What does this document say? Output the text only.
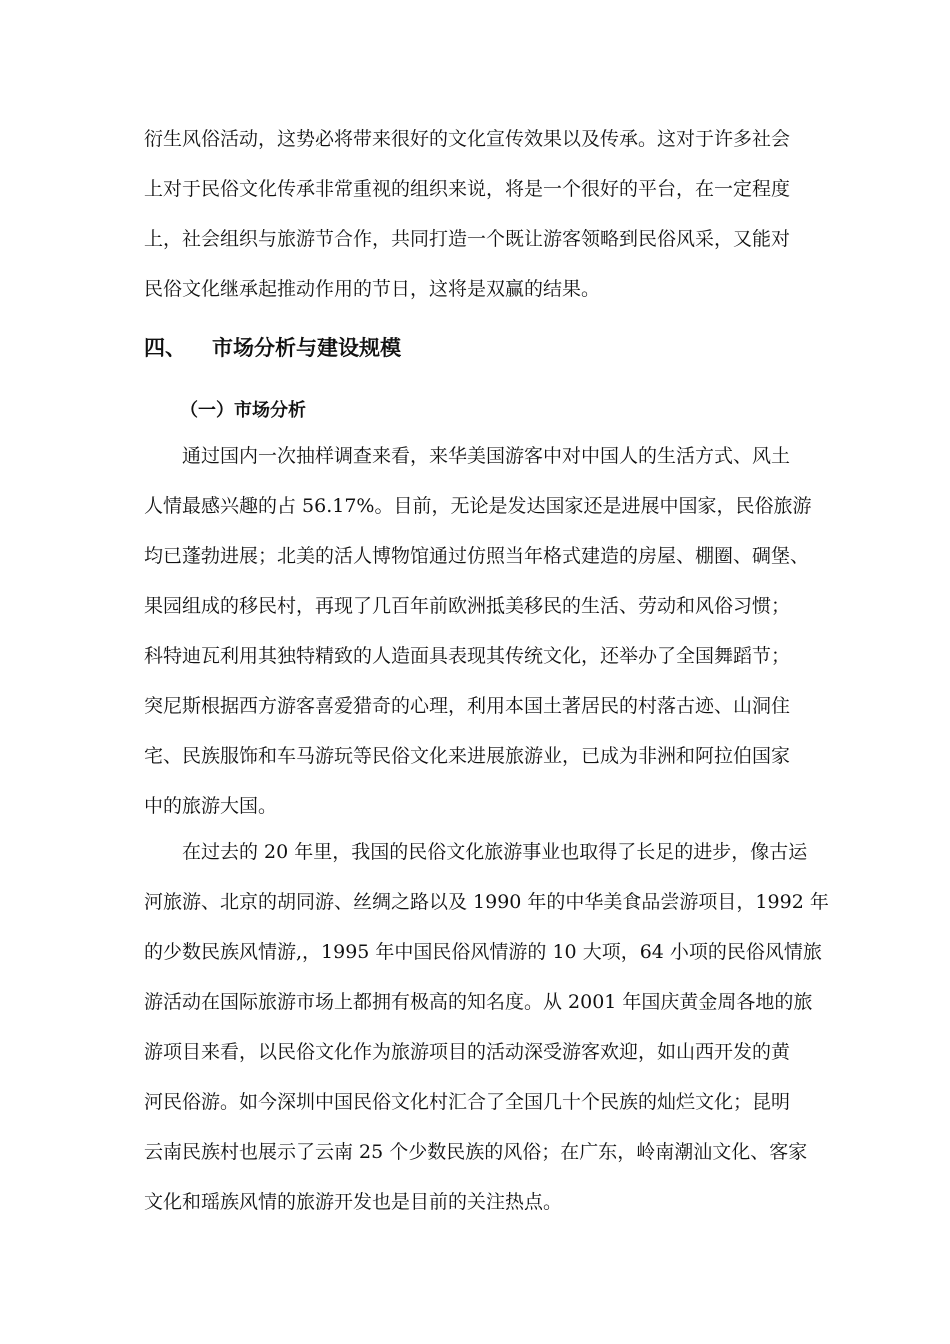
衍生风俗活动，这势必将带来很好的文化宣传效果以及传承。这对于许多社会
上对于民俗文化传承非常重视的组织来说，将是一个很好的平台，在一定程度
上，社会组织与旅游节合作，共同打造一个既让游客领略到民俗风采，又能对
民俗文化继承起推动作用的节日，这将是双赢的结果。
四、 市场分析与建设规模
（一）市场分析
　　通过国内一次抽样调查来看，来华美国游客中对中国人的生活方式、风土
人情最感兴趣的占 56.17%。目前，无论是发达国家还是进展中国家，民俗旅游
均已蓬勃进展；北美的活人博物馆通过仿照当年格式建造的房屋、棚圈、碉堡、
果园组成的移民村，再现了几百年前欧洲抵美移民的生活、劳动和风俗习惯；
科特迪瓦利用其独特精致的人造面具表现其传统文化，还举办了全国舞蹈节；
突尼斯根据西方游客喜爱猎奇的心理，利用本国土著居民的村落古迹、山洞住
宅、民族服饰和车马游玩等民俗文化来进展旅游业，已成为非洲和阿拉伯国家
中的旅游大国。
　　在过去的 20 年里，我国的民俗文化旅游事业也取得了长足的进步，像古运
河旅游、北京的胡同游、丝绸之路以及 1990 年的中华美食品尝游项目，1992 年
的少数民族风情游,，1995 年中国民俗风情游的 10 大项，64 小项的民俗风情旅
游活动在国际旅游市场上都拥有极高的知名度。从 2001 年国庆黄金周各地的旅
游项目来看，以民俗文化作为旅游项目的活动深受游客欢迎，如山西开发的黄
河民俗游。如今深圳中国民俗文化村汇合了全国几十个民族的灿烂文化；昆明
云南民族村也展示了云南 25 个少数民族的风俗；在广东，岭南潮汕文化、客家
文化和瑶族风情的旅游开发也是目前的关注热点。
